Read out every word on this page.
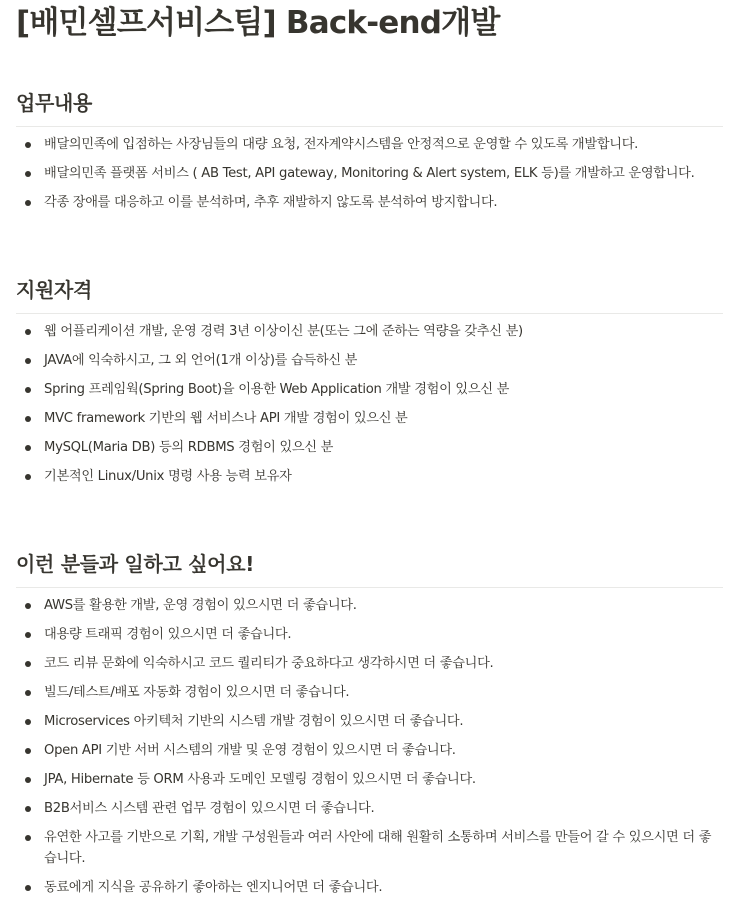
[배민셀프서비스팀] Back-end개발
업무내용
배달의민족에 입점하는 사장님들의 대량 요청, 전자계약시스템을 안정적으로 운영할 수 있도록 개발합니다.
배달의민족 플랫폼 서비스 ( AB Test, API gateway, Monitoring & Alert system, ELK 등)를 개발하고 운영합니다.
각종 장애를 대응하고 이를 분석하며, 추후 재발하지 않도록 분석하여 방지합니다.
지원자격
웹 어플리케이션 개발, 운영 경력 3년 이상이신 분(또는 그에 준하는 역량을 갖추신 분)
JAVA에 익숙하시고, 그 외 언어(1개 이상)를 습득하신 분
Spring 프레임웍(Spring Boot)을 이용한 Web Application 개발 경험이 있으신 분
MVC framework 기반의 웹 서비스나 API 개발 경험이 있으신 분
MySQL(Maria DB) 등의 RDBMS 경험이 있으신 분
기본적인 Linux/Unix 명령 사용 능력 보유자
이런 분들과 일하고 싶어요!
AWS를 활용한 개발, 운영 경험이 있으시면 더 좋습니다.
대용량 트래픽 경험이 있으시면 더 좋습니다.
코드 리뷰 문화에 익숙하시고 코드 퀄리티가 중요하다고 생각하시면 더 좋습니다.
빌드/테스트/배포 자동화 경험이 있으시면 더 좋습니다.
Microservices 아키텍처 기반의 시스템 개발 경험이 있으시면 더 좋습니다.
Open API 기반 서버 시스템의 개발 및 운영 경험이 있으시면 더 좋습니다.
JPA, Hibernate 등 ORM 사용과 도메인 모델링 경험이 있으시면 더 좋습니다.
B2B서비스 시스템 관련 업무 경험이 있으시면 더 좋습니다.
유연한 사고를 기반으로 기획, 개발 구성원들과 여러 사안에 대해 원활히 소통하며 서비스를 만들어 갈 수 있으시면 더 좋습니다.
동료에게 지식을 공유하기 좋아하는 엔지니어면 더 좋습니다.
